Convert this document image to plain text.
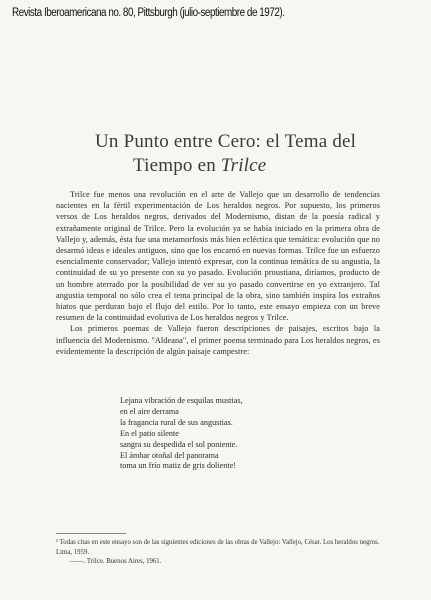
Revista Iberoamericana no. 80, Pittsburgh (julio-septiembre de 1972).
Un Punto entre Cero: el Tema del
Tiempo en Trilce

Trilce fue menos una revolución en el arte de Vallejo que un desarrollo de tendencias nacientes en la fértil experimentación de Los heraldos negros. Por supuesto, los primeros versos de Los heraldos negros, derivados del Modernismo, distan de la poesía radical y extrañamente original de Trilce. Pero la evolución ya se había iniciado en la primera obra de Vallejo y, además, ésta fue una metamorfosis más bien ecléctica que temática: evolución que no desarmó ideas e ideales antiguos, sino que los encarnó en nuevas formas. Trilce fue un esfuerzo esencialmente conservador; Vallejo intentó expresar, con la continua temática de su angustia, la continuidad de su yo presente con su yo pasado. Evolución proustiana, diríamos, producto de un hombre aterrado por la posibilidad de ver su yo pasado convertirse en yo extranjero. Tal angustia temporal no sólo crea el tema principal de la obra, sino también inspira los extraños hiatos que perduran bajo el flujo del estilo. Por lo tanto, este ensayo empieza con un breve resumen de la continuidad evolutiva de Los heraldos negros y Trilce.

Los primeros poemas de Vallejo fueron descripciones de paisajes, escritos bajo la influencia del Modernismo. "Aldeana", el primer poema terminado para Los heraldos negros, es evidentemente la descripción de algún paisaje campestre:

Lejana vibración de esquilas mustias,
en el aire derrama
la fragancia rural de sus angustias.
En el patio silente
sangra su despedida el sol poniente.
El ámbar otoñal del panorama
toma un frío matiz de gris doliente!

¹ Todas citas en este ensayo son de las siguientes ediciones de las obras de Vallejo: Vallejo, César. Los heraldos negros. Lima, 1959.

——. Trilce. Buenos Aires, 1961.
